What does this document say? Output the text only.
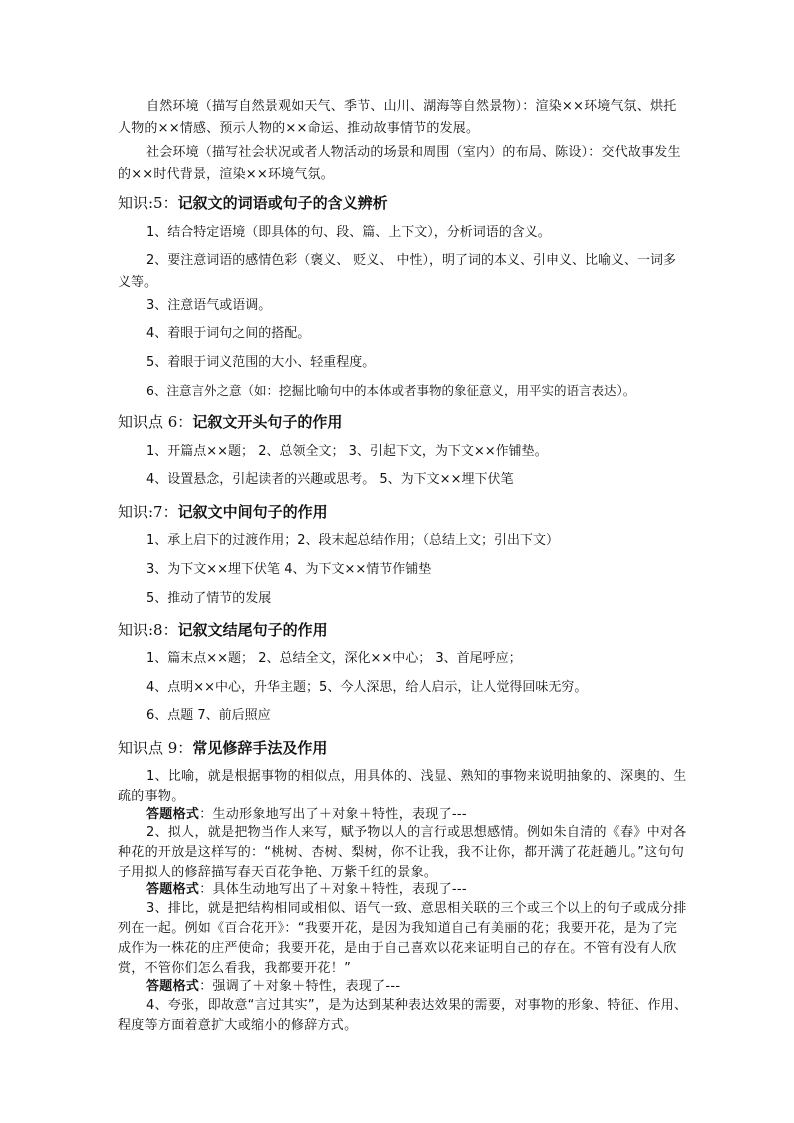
自然环境（描写自然景观如天气、季节、山川、湖海等自然景物）：渲染××环境气氛、烘托人物的××情感、预示人物的××命运、推动故事情节的发展。

社会环境（描写社会状况或者人物活动的场景和周围（室内）的布局、陈设）：交代故事发生的××时代背景，渲染××环境气氛。

知识:5：记叙文的词语或句子的含义辨析

1、结合特定语境（即具体的句、段、篇、上下文），分析词语的含义。

2、要注意词语的感情色彩（褒义、 贬义、 中性），明了词的本义、引申义、比喻义、一词多义等。

3、注意语气或语调。

4、着眼于词句之间的搭配。

5、着眼于词义范围的大小、轻重程度。

6、注意言外之意（如：挖掘比喻句中的本体或者事物的象征意义，用平实的语言表达）。

知识点 6：记叙文开头句子的作用

1、开篇点××题； 2、总领全文； 3、引起下文，为下文××作铺垫。

4、设置悬念，引起读者的兴趣或思考。 5、为下文××埋下伏笔

知识:7：记叙文中间句子的作用

1、承上启下的过渡作用；2、段末起总结作用；（总结上文；引出下文）

3、为下文××埋下伏笔 4、为下文××情节作铺垫

5、推动了情节的发展

知识:8：记叙文结尾句子的作用

1、篇末点××题； 2、总结全文，深化××中心； 3、首尾呼应；

4、点明××中心，升华主题；5、今人深思，给人启示，让人觉得回味无穷。

6、点题 7、前后照应

知识点 9：常见修辞手法及作用

1、比喻，就是根据事物的相似点，用具体的、浅显、熟知的事物来说明抽象的、深奥的、生疏的事物。

答题格式：生动形象地写出了＋对象＋特性，表现了---

2、拟人，就是把物当作人来写，赋予物以人的言行或思想感情。例如朱自清的《春》中对各种花的开放是这样写的：“桃树、杏树、梨树，你不让我，我不让你，都开满了花赶趟儿。”这句句子用拟人的修辞描写春天百花争艳、万紫千红的景象。

答题格式：具体生动地写出了＋对象＋特性，表现了---

3、排比，就是把结构相同或相似、语气一致、意思相关联的三个或三个以上的句子或成分排列在一起。例如《百合花开》：“我要开花，是因为我知道自己有美丽的花；我要开花，是为了完成作为一株花的庄严使命；我要开花，是由于自己喜欢以花来证明自己的存在。不管有没有人欣赏，不管你们怎么看我，我都要开花！”

答题格式：强调了＋对象＋特性，表现了---

4、夸张，即故意“言过其实”，是为达到某种表达效果的需要，对事物的形象、特征、作用、程度等方面着意扩大或缩小的修辞方式。
